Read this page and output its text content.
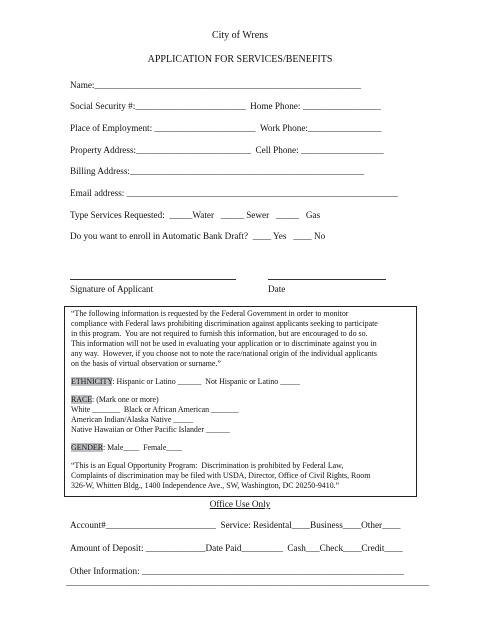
City of Wrens
APPLICATION FOR SERVICES/BENEFITS
Name:__________________________________________________________
Social Security #:________________________  Home Phone: _________________
Place of Employment: ______________________  Work Phone:________________
Property Address:_________________________  Cell Phone: __________________
Billing Address:___________________________________________________
Email address: ___________________________________________________________
Type Services Requested:  _____Water   _____ Sewer   _____   Gas
Do you want to enroll in Automatic Bank Draft?  ____ Yes   ____ No
Signature of Applicant	Date
“The following information is requested by the Federal Government in order to monitor
compliance with Federal laws prohibiting discrimination against applicants seeking to participate
in this program.  You are not required to furnish this information, but are encouraged to do so.
This information will not be used in evaluating your application or to discriminate against you in
any way.  However, if you choose not to note the race/national origin of the individual applicants
on the basis of virtual observation or surname.”
ETHNICITY: Hispanic or Latino ______  Not Hispanic or Latino _____
RACE: (Mark one or more)
White _______  Black or African American _______
American Indian/Alaska Native _____
Native Hawaiian or Other Pacific Islander ______
GENDER: Male____  Female____
“This is an Equal Opportunity Program:  Discrimination is prohibited by Federal Law,
Complaints of discrimination may be filed with USDA, Director, Office of Civil Rights, Room
326-W, Whitten Bldg., 1400 Independence Ave., SW, Washington, DC 20250-9410.”
Office Use Only
Account#________________________  Service: Residental____Business____Other____
Amount of Deposit: _____________Date Paid_________  Cash___Check____Credit____
Other Information: _________________________________________________________
_______________________________________________________________________________
